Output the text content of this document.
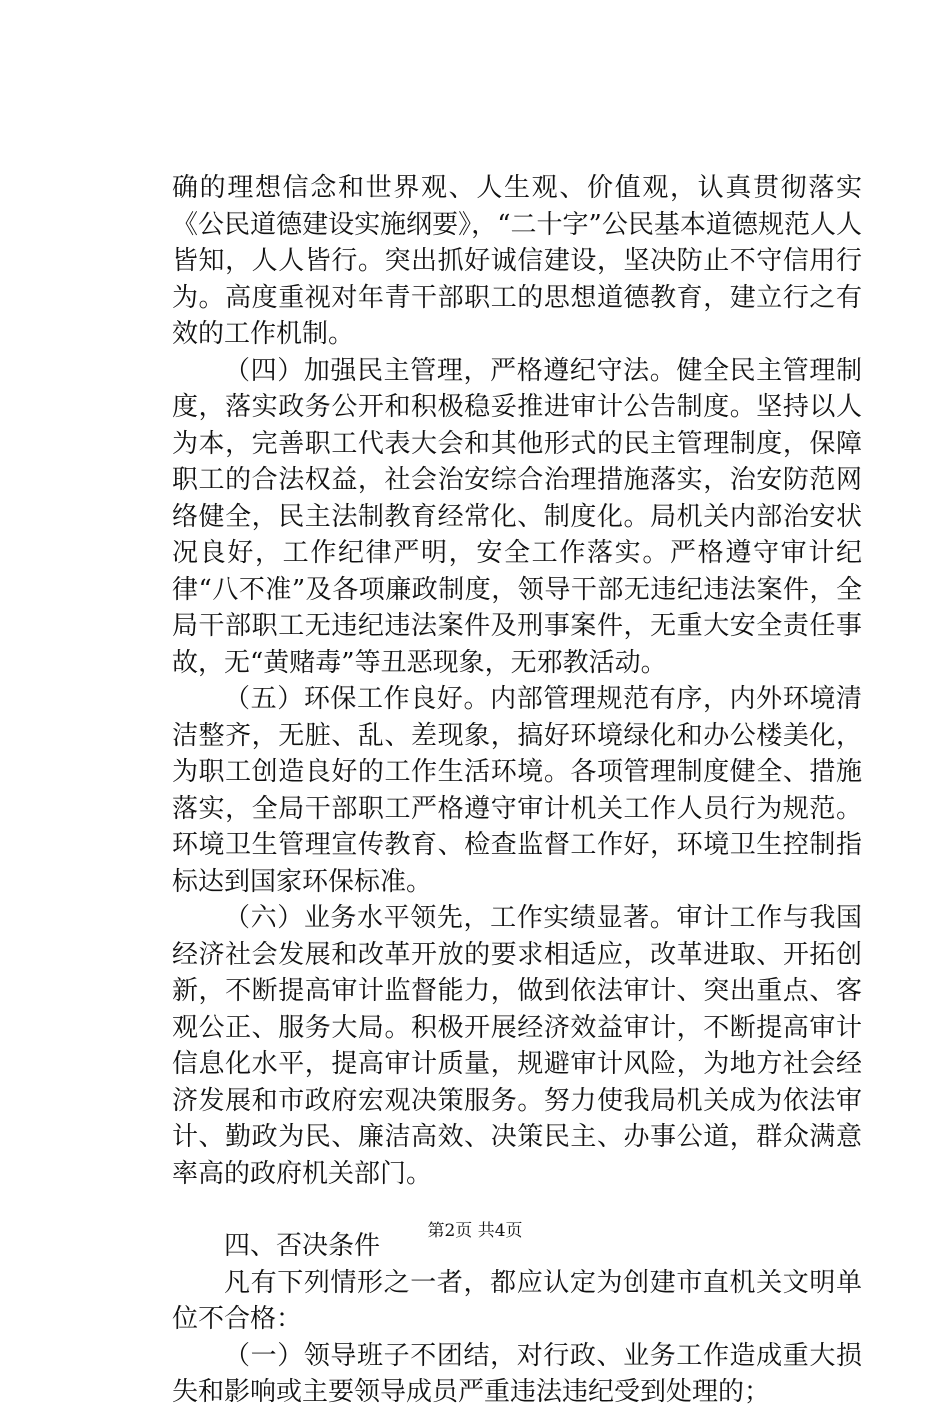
确的理想信念和世界观、人生观、价值观，认真贯彻落实《公民道德建设实施纲要》，“二十字”公民基本道德规范人人皆知，人人皆行。突出抓好诚信建设，坚决防止不守信用行为。高度重视对年青干部职工的思想道德教育，建立行之有效的工作机制。

（四）加强民主管理，严格遵纪守法。健全民主管理制度，落实政务公开和积极稳妥推进审计公告制度。坚持以人为本，完善职工代表大会和其他形式的民主管理制度，保障职工的合法权益，社会治安综合治理措施落实，治安防范网络健全，民主法制教育经常化、制度化。局机关内部治安状况良好，工作纪律严明，安全工作落实。严格遵守审计纪律“八不准”及各项廉政制度，领导干部无违纪违法案件，全局干部职工无违纪违法案件及刑事案件，无重大安全责任事故，无“黄赌毒”等丑恶现象，无邪教活动。

（五）环保工作良好。内部管理规范有序，内外环境清洁整齐，无脏、乱、差现象，搞好环境绿化和办公楼美化，为职工创造良好的工作生活环境。各项管理制度健全、措施落实，全局干部职工严格遵守审计机关工作人员行为规范。环境卫生管理宣传教育、检查监督工作好，环境卫生控制指标达到国家环保标准。

（六）业务水平领先，工作实绩显著。审计工作与我国经济社会发展和改革开放的要求相适应，改革进取、开拓创新，不断提高审计监督能力，做到依法审计、突出重点、客观公正、服务大局。积极开展经济效益审计，不断提高审计信息化水平，提高审计质量，规避审计风险，为地方社会经济发展和市政府宏观决策服务。努力使我局机关成为依法审计、勤政为民、廉洁高效、决策民主、办事公道，群众满意率高的政府机关部门。

四、否决条件

凡有下列情形之一者，都应认定为创建市直机关文明单位不合格：

（一）领导班子不团结，对行政、业务工作造成重大损失和影响或主要领导成员严重违法违纪受到处理的；

第2页 共4页
